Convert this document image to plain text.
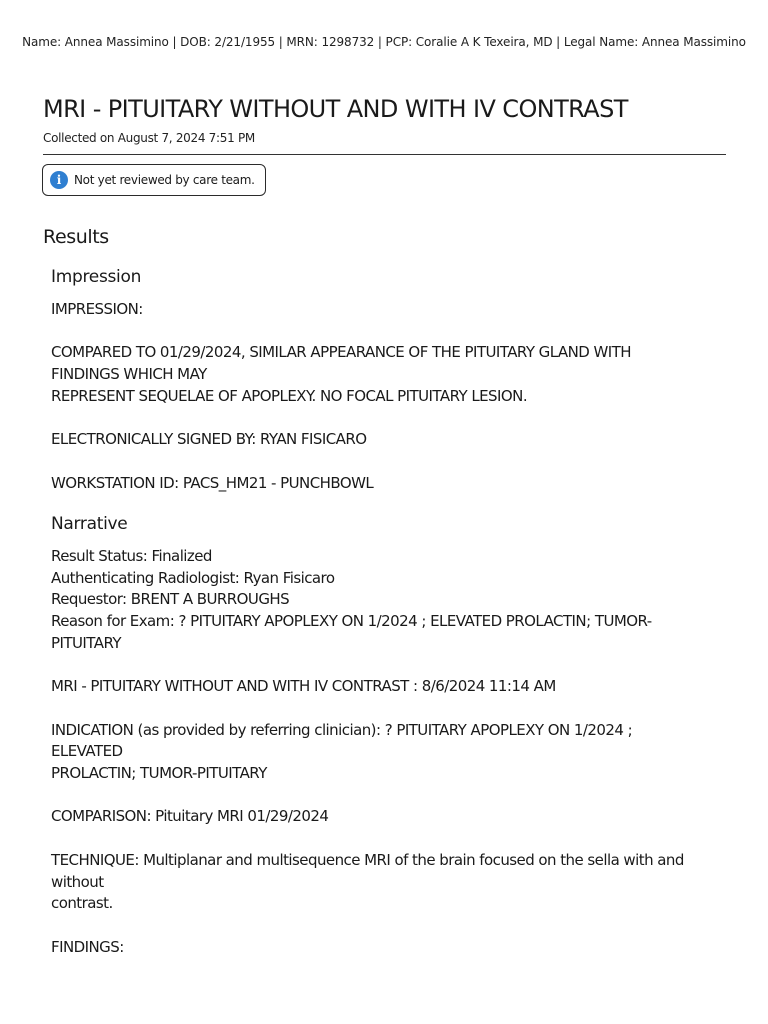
Name: Annea Massimino | DOB: 2/21/1955 | MRN: 1298732 | PCP: Coralie A K Texeira, MD | Legal Name: Annea Massimino
MRI - PITUITARY WITHOUT AND WITH IV CONTRAST
Collected on August 7, 2024 7:51 PM
i	Not yet reviewed by care team.
Results
Impression
IMPRESSION:

COMPARED TO 01/29/2024, SIMILAR APPEARANCE OF THE PITUITARY GLAND WITH
FINDINGS WHICH MAY
REPRESENT SEQUELAE OF APOPLEXY. NO FOCAL PITUITARY LESION.

ELECTRONICALLY SIGNED BY: RYAN FISICARO

WORKSTATION ID: PACS_HM21 - PUNCHBOWL
Narrative
Result Status: Finalized
Authenticating Radiologist: Ryan Fisicaro
Requestor: BRENT A BURROUGHS
Reason for Exam: ? PITUITARY APOPLEXY ON 1/2024 ; ELEVATED PROLACTIN; TUMOR-
PITUITARY

MRI - PITUITARY WITHOUT AND WITH IV CONTRAST : 8/6/2024 11:14 AM

INDICATION (as provided by referring clinician): ? PITUITARY APOPLEXY ON 1/2024 ;
ELEVATED
PROLACTIN; TUMOR-PITUITARY

COMPARISON: Pituitary MRI 01/29/2024

TECHNIQUE: Multiplanar and multisequence MRI of the brain focused on the sella with and
without
contrast.

FINDINGS:
